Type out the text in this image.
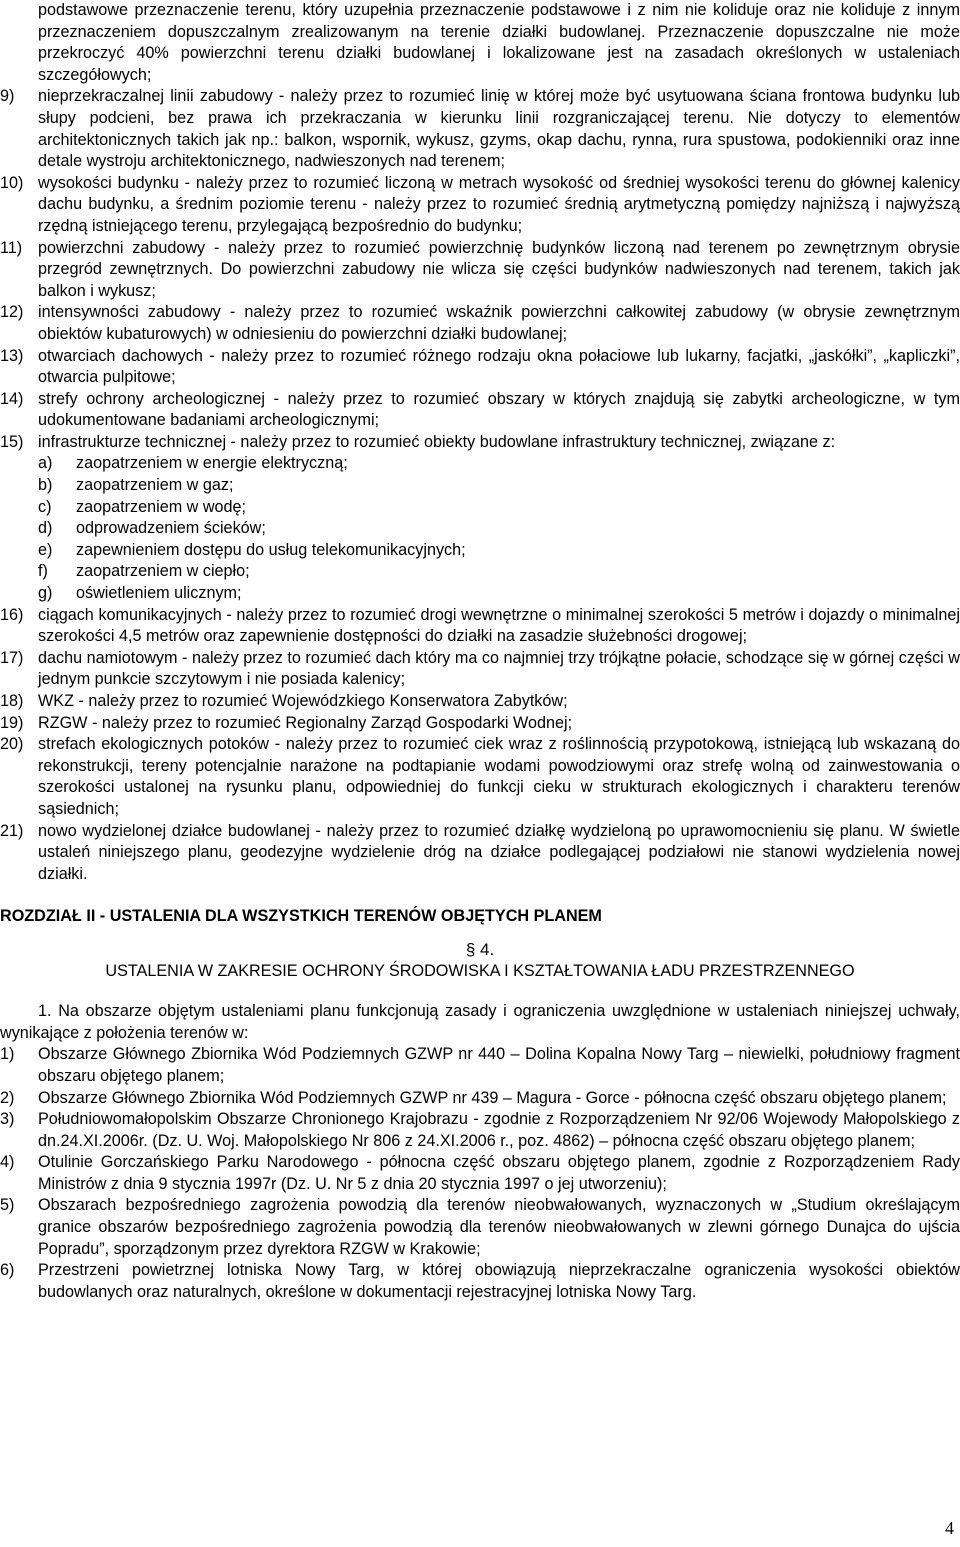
podstawowe przeznaczenie terenu, który uzupełnia przeznaczenie podstawowe i z nim nie koliduje oraz nie koliduje z innym przeznaczeniem dopuszczalnym zrealizowanym na terenie działki budowlanej. Przeznaczenie dopuszczalne nie może przekroczyć 40% powierzchni terenu działki budowlanej i lokalizowane jest na zasadach określonych w ustaleniach szczegółowych;
9) nieprzekraczalnej linii zabudowy - należy przez to rozumieć linię w której może być usytuowana ściana frontowa budynku lub słupy podcieni, bez prawa ich przekraczania w kierunku linii rozgraniczającej terenu. Nie dotyczy to elementów architektonicznych takich jak np.: balkon, wspornik, wykusz, gzyms, okap dachu, rynna, rura spustowa, podokienniki oraz inne detale wystroju architektonicznego, nadwieszonych nad terenem;
10) wysokości budynku - należy przez to rozumieć liczoną w metrach wysokość od średniej wysokości terenu do głównej kalenicy dachu budynku, a średnim poziomie terenu - należy przez to rozumieć średnią arytmetyczną pomiędzy najniższą i najwyższą rzędną istniejącego terenu, przylegającą bezpośrednio do budynku;
11) powierzchni zabudowy - należy przez to rozumieć powierzchnię budynków liczoną nad terenem po zewnętrznym obrysie przegród zewnętrznych. Do powierzchni zabudowy nie wlicza się części budynków nadwieszonych nad terenem, takich jak balkon i wykusz;
12) intensywności zabudowy - należy przez to rozumieć wskaźnik powierzchni całkowitej zabudowy (w obrysie zewnętrznym obiektów kubaturowych) w odniesieniu do powierzchni działki budowlanej;
13) otwarciach dachowych - należy przez to rozumieć różnego rodzaju okna połaciowe lub lukarny, facjatki, „jaskółki”, „kapliczki”, otwarcia pulpitowe;
14) strefy ochrony archeologicznej - należy przez to rozumieć obszary w których znajdują się zabytki archeologiczne, w tym udokumentowane badaniami archeologicznymi;
15) infrastrukturze technicznej - należy przez to rozumieć obiekty budowlane infrastruktury technicznej, związane z:
a) zaopatrzeniem w energie elektryczną;
b) zaopatrzeniem w gaz;
c) zaopatrzeniem w wodę;
d) odprowadzeniem ścieków;
e) zapewnieniem dostępu do usług telekomunikacyjnych;
f) zaopatrzeniem w ciepło;
g) oświetleniem ulicznym;
16) ciągach komunikacyjnych - należy przez to rozumieć drogi wewnętrzne o minimalnej szerokości 5 metrów i dojazdy o minimalnej szerokości 4,5 metrów oraz zapewnienie dostępności do działki na zasadzie służebności drogowej;
17) dachu namiotowym - należy przez to rozumieć dach który ma co najmniej trzy trójkątne połacie, schodzące się w górnej części w jednym punkcie szczytowym i nie posiada kalenicy;
18) WKZ - należy przez to rozumieć Wojewódzkiego Konserwatora Zabytków;
19) RZGW - należy przez to rozumieć Regionalny Zarząd Gospodarki Wodnej;
20) strefach ekologicznych potoków - należy przez to rozumieć ciek wraz z roślinnością przypotokową, istniejącą lub wskazaną do rekonstrukcji, tereny potencjalnie narażone na podtapianie wodami powodziowymi oraz strefę wolną od zainwestowania o szerokości ustalonej na rysunku planu, odpowiedniej do funkcji cieku w strukturach ekologicznych i charakteru terenów sąsiednich;
21) nowo wydzielonej działce budowlanej - należy przez to rozumieć działkę wydzieloną po uprawomocnieniu się planu. W świetle ustaleń niniejszego planu, geodezyjne wydzielenie dróg na działce podlegającej podziałowi nie stanowi wydzielenia nowej działki.
ROZDZIAŁ II - USTALENIA DLA WSZYSTKICH TERENÓW OBJĘTYCH PLANEM
§ 4.
USTALENIA W ZAKRESIE OCHRONY ŚRODOWISKA I KSZTAŁTOWANIA ŁADU PRZESTRZENNEGO
1. Na obszarze objętym ustaleniami planu funkcjonują zasady i ograniczenia uwzględnione w ustaleniach niniejszej uchwały, wynikające z położenia terenów w:
1) Obszarze Głównego Zbiornika Wód Podziemnych GZWP nr 440 – Dolina Kopalna Nowy Targ – niewielki, południowy fragment obszaru objętego planem;
2) Obszarze Głównego Zbiornika Wód Podziemnych GZWP nr 439 – Magura - Gorce - północna część obszaru objętego planem;
3) Południowomałopolskim Obszarze Chronionego Krajobrazu - zgodnie z Rozporządzeniem Nr 92/06 Wojewody Małopolskiego z dn.24.XI.2006r. (Dz. U. Woj. Małopolskiego Nr 806 z 24.XI.2006 r., poz. 4862) – północna część obszaru objętego planem;
4) Otulinie Gorczańskiego Parku Narodowego - północna część obszaru objętego planem, zgodnie z Rozporządzeniem Rady Ministrów z dnia 9 stycznia 1997r (Dz. U. Nr 5 z dnia 20 stycznia 1997 o jej utworzeniu);
5) Obszarach bezpośredniego zagrożenia powodzią dla terenów nieobwałowanych, wyznaczonych w „Studium określającym granice obszarów bezpośredniego zagrożenia powodzią dla terenów nieobwałowanych w zlewni górnego Dunajca do ujścia Popradu”, sporządzonym przez dyrektora RZGW w Krakowie;
6) Przestrzeni powietrznej lotniska Nowy Targ, w której obowiązują nieprzekraczalne ograniczenia wysokości obiektów budowlanych oraz naturalnych, określone w dokumentacji rejestracyjnej lotniska Nowy Targ.
4
